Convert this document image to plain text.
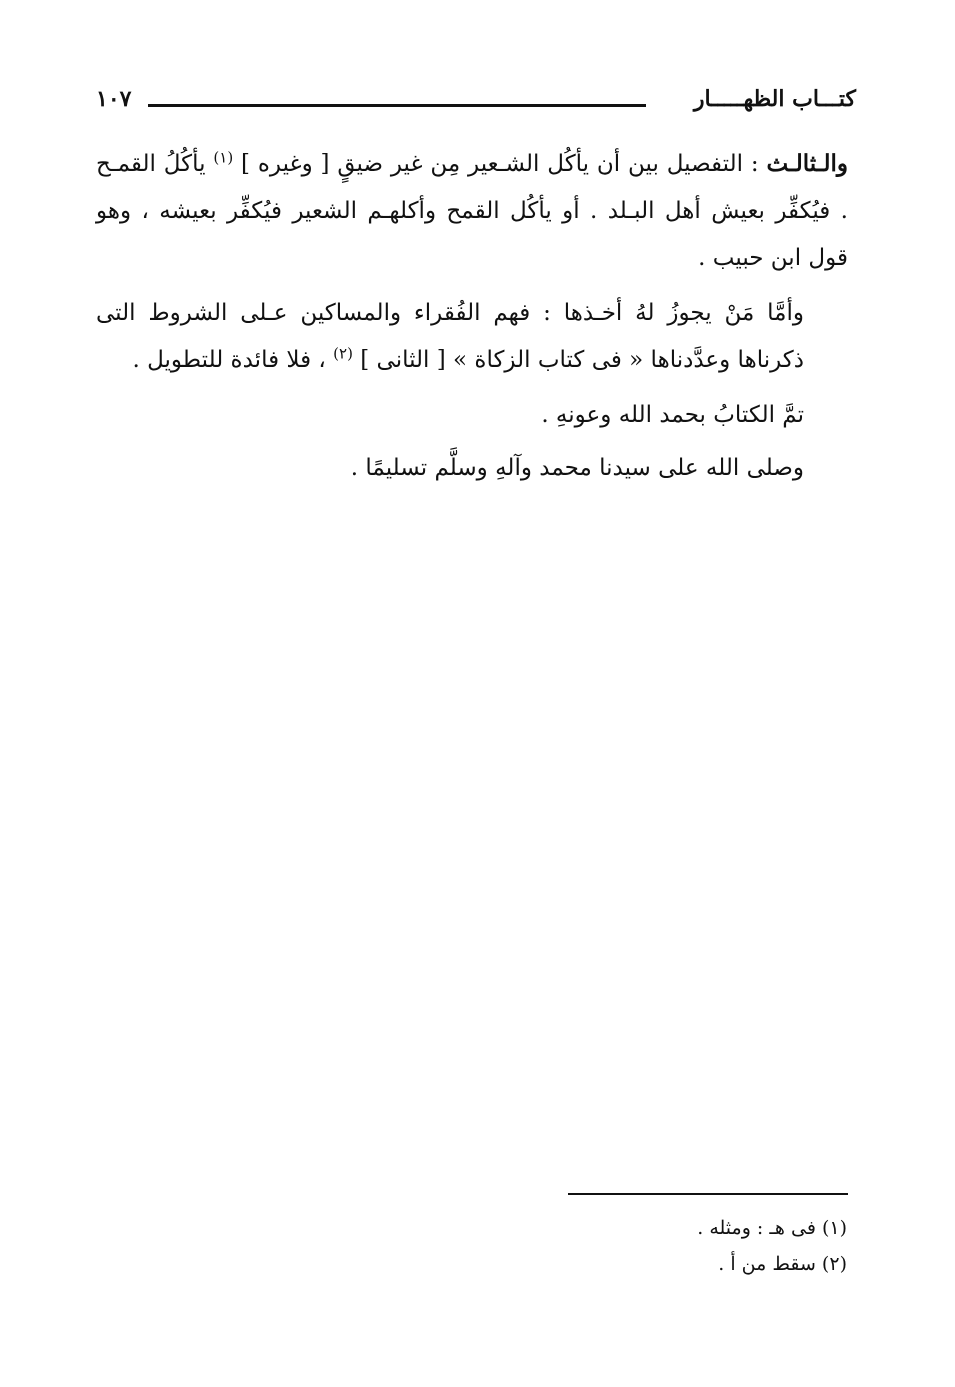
كتـــاب الظهـــــار
١٠٧

والـثالـث : التفصيل بين أن يأكُل الشـعير مِن غير ضيقٍ [ وغيره ] $^{(١)}$ يأكُلُ القمـح . فيُكفِّر بعيش أهل البـلد . أو يأكُل القمح وأكلهـم الشعير فيُكفِّر بعيشه ، وهو قول ابن حبيب .

وأمَّا مَنْ يجوزُ لهُ أخـذها : فهم الفُقراء والمساكين عـلى الشروط التى ذكرناها وعدَّدناها « فى كتاب الزكاة » [ الثانى ] $^{(٢)}$ ، فلا فائدة للتطويل .

تمَّ الكتابُ بحمد الله وعونهِ .

وصلى الله على سيدنا محمد وآلهِ وسلَّم تسليمًا .

(١) فى هـ : ومثله .

(٢) سقط من أ .
